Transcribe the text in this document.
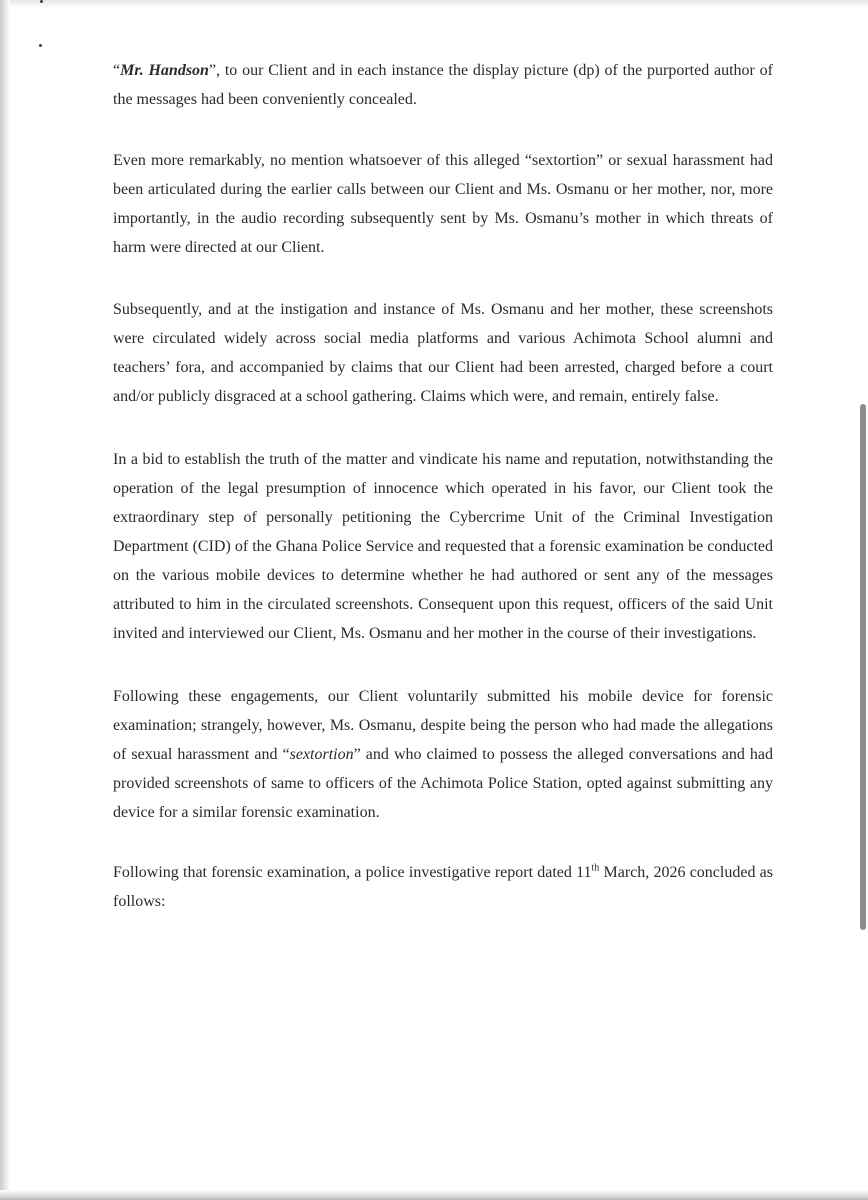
“Mr. Handson”, to our Client and in each instance the display picture (dp) of the purported author of the messages had been conveniently concealed.

Even more remarkably, no mention whatsoever of this alleged “sextortion” or sexual harassment had been articulated during the earlier calls between our Client and Ms. Osmanu or her mother, nor, more importantly, in the audio recording subsequently sent by Ms. Osmanu’s mother in which threats of harm were directed at our Client.

Subsequently, and at the instigation and instance of Ms. Osmanu and her mother, these screenshots were circulated widely across social media platforms and various Achimota School alumni and teachers’ fora, and accompanied by claims that our Client had been arrested, charged before a court and/or publicly disgraced at a school gathering. Claims which were, and remain, entirely false.

In a bid to establish the truth of the matter and vindicate his name and reputation, notwithstanding the operation of the legal presumption of innocence which operated in his favor, our Client took the extraordinary step of personally petitioning the Cybercrime Unit of the Criminal Investigation Department (CID) of the Ghana Police Service and requested that a forensic examination be conducted on the various mobile devices to determine whether he had authored or sent any of the messages attributed to him in the circulated screenshots. Consequent upon this request, officers of the said Unit invited and interviewed our Client, Ms. Osmanu and her mother in the course of their investigations.

Following these engagements, our Client voluntarily submitted his mobile device for forensic examination; strangely, however, Ms. Osmanu, despite being the person who had made the allegations of sexual harassment and “sextortion” and who claimed to possess the alleged conversations and had provided screenshots of same to officers of the Achimota Police Station, opted against submitting any device for a similar forensic examination.

Following that forensic examination, a police investigative report dated 11th March, 2026 concluded as follows:
